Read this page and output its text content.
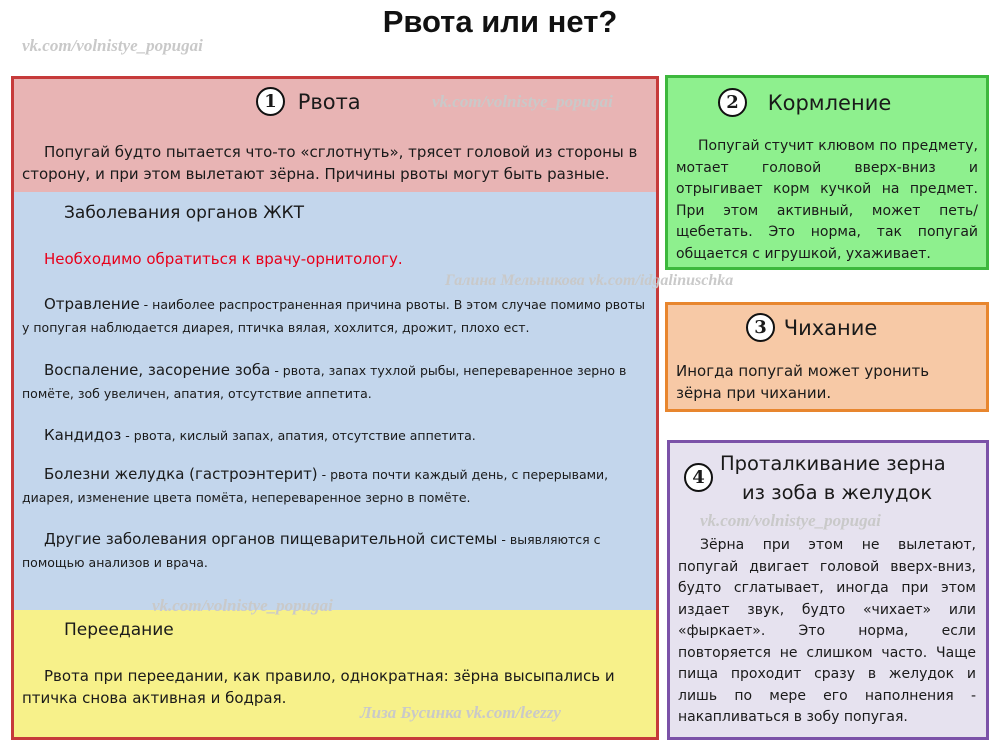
Рвота или нет?
vk.com/volnistye_popugai
1 Рвота
Попугай будто пытается что-то «сглотнуть», трясет головой из стороны в сторону, и при этом вылетают зёрна. Причины рвоты могут быть разные.
Заболевания органов ЖКТ
Необходимо обратиться к врачу-орнитологу.
Отравление - наиболее распространенная причина рвоты. В этом случае помимо рвоты у попугая наблюдается диарея, птичка вялая, хохлится, дрожит, плохо ест.
Воспаление, засорение зоба - рвота, запах тухлой рыбы, непереваренное зерно в помёте, зоб увеличен, апатия, отсутствие аппетита.
Кандидоз - рвота, кислый запах, апатия, отсутствие аппетита.
Болезни желудка (гастроэнтерит) - рвота почти каждый день, с перерывами, диарея, изменение цвета помёта, непереваренное зерно в помёте.
Другие заболевания органов пищеварительной системы - выявляются с помощью анализов и врача.
Переедание
Рвота при переедании, как правило, однократная: зёрна высыпались и птичка снова активная и бодрая.
vk.com/volnistye_popugai
Галина Мельникова vk.com/idgalinuschka
vk.com/volnistye_popugai
Лиза Бусинка vk.com/leezzy
2 Кормление
Попугай стучит клювом по предмету, мотает головой вверх-вниз и отрыгивает корм кучкой на предмет. При этом активный, может петь/щебетать. Это норма, так попугай общается с игрушкой, ухаживает.
3 Чихание
Иногда попугай может уронить зёрна при чихании.
4
Проталкивание зерна
из зоба в желудок
Зёрна при этом не вылетают, попугай двигает головой вверх-вниз, будто сглатывает, иногда при этом издает звук, будто «чихает» или «фыркает». Это норма, если повторяется не слишком часто. Чаще пища проходит сразу в желудок и лишь по мере его наполнения - накапливаться в зобу попугая.
vk.com/volnistye_popugai
